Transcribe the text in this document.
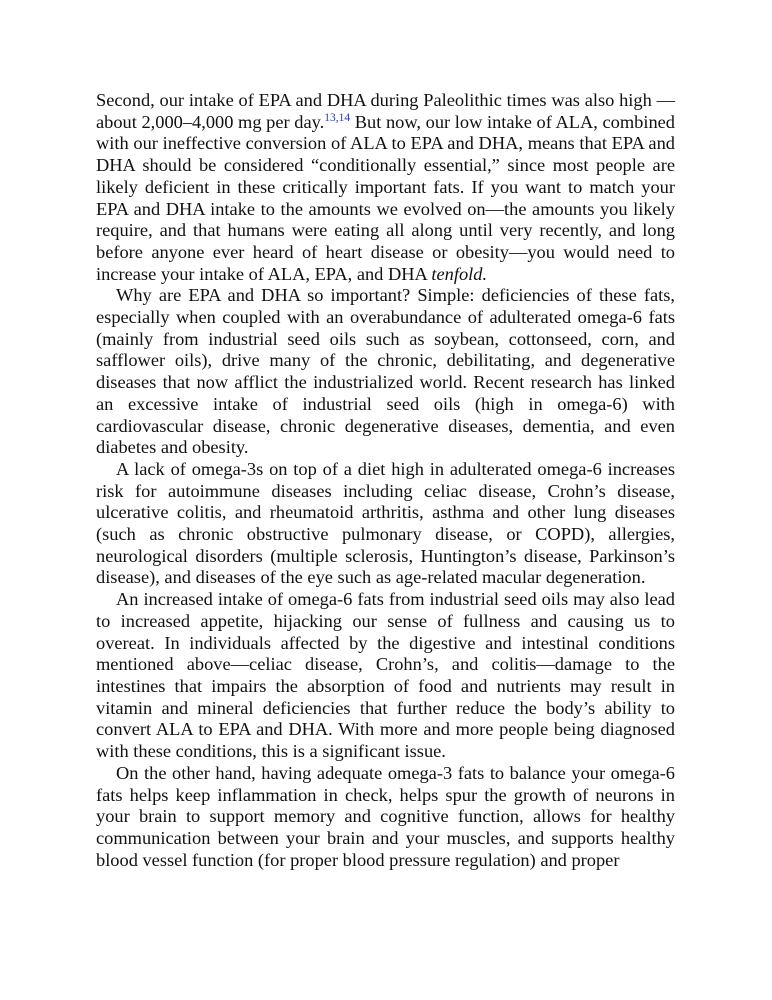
Second, our intake of EPA and DHA during Paleolithic times was also high —about 2,000–4,000 mg per day.$^{13,14}$ But now, our low intake of ALA, combined with our ineffective conversion of ALA to EPA and DHA, means that EPA and DHA should be considered “conditionally essential,” since most people are likely deficient in these critically important fats. If you want to match your EPA and DHA intake to the amounts we evolved on—the amounts you likely require, and that humans were eating all along until very recently, and long before anyone ever heard of heart disease or obesity—you would need to increase your intake of ALA, EPA, and DHA tenfold.

Why are EPA and DHA so important? Simple: deficiencies of these fats, especially when coupled with an overabundance of adulterated omega-6 fats (mainly from industrial seed oils such as soybean, cottonseed, corn, and safflower oils), drive many of the chronic, debilitating, and degenerative diseases that now afflict the industrialized world. Recent research has linked an excessive intake of industrial seed oils (high in omega-6) with cardiovascular disease, chronic degenerative diseases, dementia, and even diabetes and obesity.

A lack of omega-3s on top of a diet high in adulterated omega-6 increases risk for autoimmune diseases including celiac disease, Crohn’s disease, ulcerative colitis, and rheumatoid arthritis, asthma and other lung diseases (such as chronic obstructive pulmonary disease, or COPD), allergies, neurological disorders (multiple sclerosis, Huntington’s disease, Parkinson’s disease), and diseases of the eye such as age-related macular degeneration.

An increased intake of omega-6 fats from industrial seed oils may also lead to increased appetite, hijacking our sense of fullness and causing us to overeat. In individuals affected by the digestive and intestinal conditions mentioned above—celiac disease, Crohn’s, and colitis—damage to the intestines that impairs the absorption of food and nutrients may result in vitamin and mineral deficiencies that further reduce the body’s ability to convert ALA to EPA and DHA. With more and more people being diagnosed with these conditions, this is a significant issue.

On the other hand, having adequate omega-3 fats to balance your omega-6 fats helps keep inflammation in check, helps spur the growth of neurons in your brain to support memory and cognitive function, allows for healthy communication between your brain and your muscles, and supports healthy blood vessel function (for proper blood pressure regulation) and proper
